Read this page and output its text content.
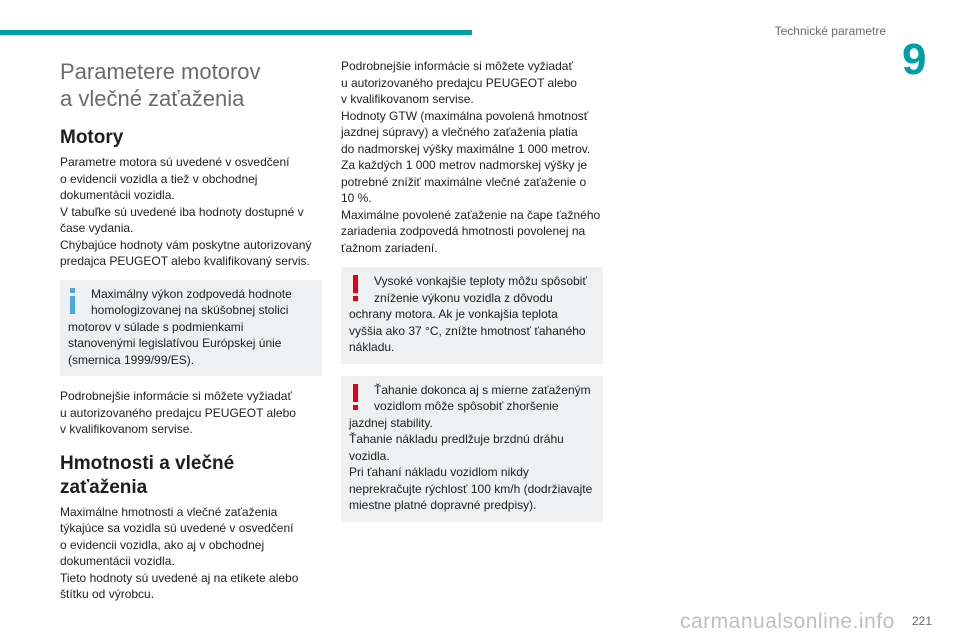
Technické parametre
9
Parametere motorov
a vlečné zaťaženia
Motory

Parametre motora sú uvedené v osvedčení
o evidencii vozidla a tiež v obchodnej
dokumentácii vozidla.
V tabuľke sú uvedené iba hodnoty dostupné v
čase vydania.
Chýbajúce hodnoty vám poskytne autorizovaný
predajca PEUGEOT alebo kvalifikovaný servis.

Maximálny výkon zodpovedá hodnote
homologizovanej na skúšobnej stolici
motorov v súlade s podmienkami
stanovenými legislatívou Európskej únie
(smernica 1999/99/ES).

Podrobnejšie informácie si môžete vyžiadať
u autorizovaného predajcu PEUGEOT alebo
v kvalifikovanom servise.

Hmotnosti a vlečné
zaťaženia

Maximálne hmotnosti a vlečné zaťaženia
týkajúce sa vozidla sú uvedené v osvedčení
o evidencii vozidla, ako aj v obchodnej
dokumentácii vozidla.
Tieto hodnoty sú uvedené aj na etikete alebo
štítku od výrobcu.

Podrobnejšie informácie si môžete vyžiadať
u autorizovaného predajcu PEUGEOT alebo
v kvalifikovanom servise.
Hodnoty GTW (maximálna povolená hmotnosť
jazdnej súpravy) a vlečného zaťaženia platia
do nadmorskej výšky maximálne 1 000 metrov.
Za každých 1 000 metrov nadmorskej výšky je
potrebné znížiť maximálne vlečné zaťaženie o
10 %.
Maximálne povolené zaťaženie na čape ťažného
zariadenia zodpovedá hmotnosti povolenej na
ťažnom zariadení.

Vysoké vonkajšie teploty môžu spôsobiť
zníženie výkonu vozidla z dôvodu
ochrany motora. Ak je vonkajšia teplota
vyššia ako 37 °C, znížte hmotnosť ťahaného
nákladu.

Ťahanie dokonca aj s mierne zaťaženým
vozidlom môže spôsobiť zhoršenie
jazdnej stability.
Ťahanie nákladu predlžuje brzdnú dráhu
vozidla.
Pri ťahaní nákladu vozidlom nikdy
neprekračujte rýchlosť 100 km/h (dodržiavajte
miestne platné dopravné predpisy).

carmanualsonline.info 221
